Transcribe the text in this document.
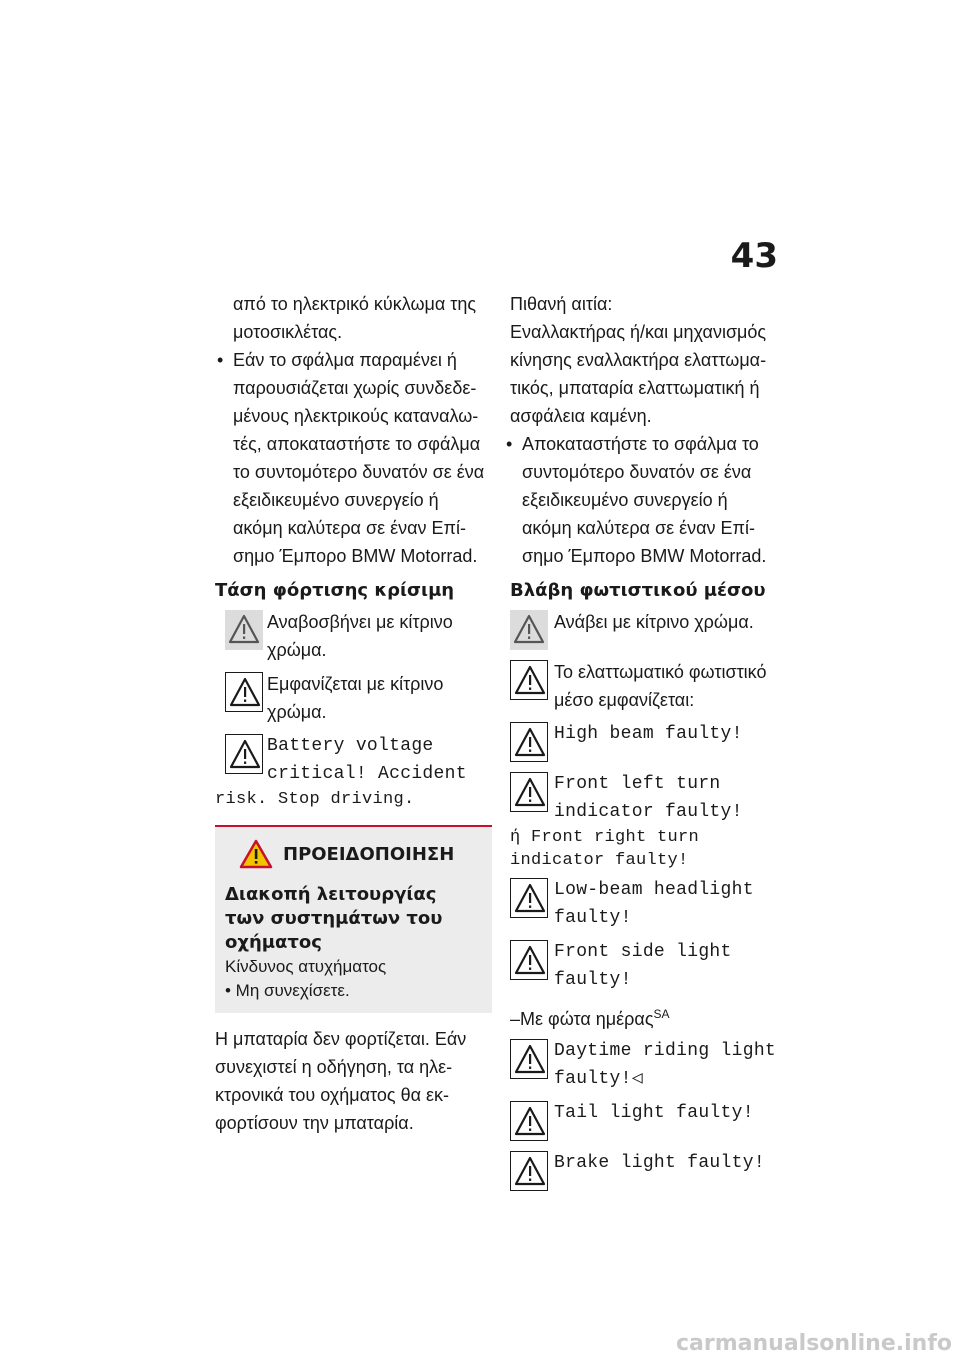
43

από το ηλεκτρικό κύκλωμα της μοτοσικλέτας.

• Εάν το σφάλμα παραμένει ή παρουσιάζεται χωρίς συνδεδε- μένους ηλεκτρικούς καταναλω- τές, αποκαταστήστε το σφάλμα το συντομότερο δυνατόν σε ένα εξειδικευμένο συνεργείο ή ακόμη καλύτερα σε έναν Επί- σημο Έμπορο BMW Motorrad.

Τάση φόρτισης κρίσιμη
Αναβοσβήνει με κίτρινο χρώμα.
Εμφανίζεται με κίτρινο χρώμα.
Battery voltage critical! Accident

risk. Stop driving.

ΠΡΟΕΙΔΟΠΟΙΗΣΗ

Διακοπή λειτουργίας των συστημάτων του οχήματος

Κίνδυνος ατυχήματος

• Μη συνεχίσετε.

Η μπαταρία δεν φορτίζεται. Εάν συνεχιστεί η οδήγηση, τα ηλε- κτρονικά του οχήματος θα εκ- φορτίσουν την μπαταρία.

Πιθανή αιτία:

Εναλλακτήρας ή/και μηχανισμός κίνησης εναλλακτήρα ελαττωμα- τικός, μπαταρία ελαττωματική ή ασφάλεια καμένη.

• Αποκαταστήστε το σφάλμα το συντομότερο δυνατόν σε ένα εξειδικευμένο συνεργείο ή ακόμη καλύτερα σε έναν Επί- σημο Έμπορο BMW Motorrad.

Βλάβη φωτιστικού μέσου
Ανάβει με κίτρινο χρώμα.
Το ελαττωματικό φωτιστικό μέσο εμφανίζεται:
High beam faulty!
Front left turn indicator faulty!

ή Front right turn

indicator faulty!

Low-beam headlight faulty!
Front side light faulty!

–Με φώτα ημέρας$^{SA}$

Daytime riding light faulty!◁
Tail light faulty!
Brake light faulty!
carmanualsonline.info
